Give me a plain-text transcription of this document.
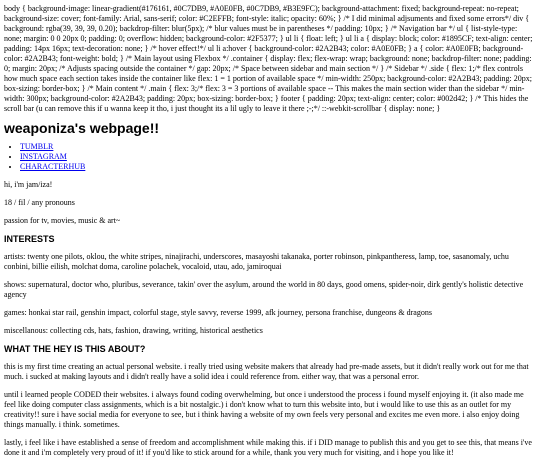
body { background-image: linear-gradient(#176161, #0C7DB9, #A0E0FB, #0C7DB9, #B3E9FC); background-attachment: fixed; background-repeat: no-repeat; background-size: cover; font-family: Arial, sans-serif; color: #C2EFFB; font-style: italic; opacity: 60%; } /* I did minimal adjsuments and fixed some errors*/ div { background: rgba(39, 39, 39, 0.20); backdrop-filter: blur(5px); /* blur values must be in parentheses */ padding: 10px; } /* Navigation bar */ ul { list-style-type: none; margin: 0 0 20px 0; padding: 0; overflow: hidden; background-color: #2F5377; } ul li { float: left; } ul li a { display: block; color: #1895CF; text-align: center; padding: 14px 16px; text-decoration: none; } /* hover effect!*/ ul li a:hover { background-color: #2A2B43; color: #A0E0FB; } a { color: #A0E0FB; background-color: #2A2B43; font-weight: bold; } /* Main layout using Flexbox */ .container { display: flex; flex-wrap: wrap; background: none; backdrop-filter: none; padding: 0; margin: 20px; /* Adjusts spacing outside the container */ gap: 20px; /* Space between sidebar and main section */ } /* Sidebar */ .side { flex: 1;/* flex controls how much space each section takes inside the container like flex: 1 = 1 portion of available space */ min-width: 250px; background-color: #2A2B43; padding: 20px; box-sizing: border-box; } /* Main content */ .main { flex: 3;/* flex: 3 = 3 portions of available space -- This makes the main section wider than the sidebar */ min-width: 300px; background-color: #2A2B43; padding: 20px; box-sizing: border-box; } footer { padding: 20px; text-align: center; color: #002d42; } /* This hides the scroll bar (u can remove this if u wanna keep it tho, i just thought its a lil ugly to leave it there ;-;*/ ::-webkit-scrollbar { display: none; }
weaponiza's webpage!!
• TUMBLR
• INSTAGRAM
• CHARACTERHUB

hi, i'm jam/iza!

18 / fil / any pronouns

passion for tv, movies, music & art~

INTERESTS

artists: twenty one pilots, oklou, the white stripes, ninajirachi, underscores, masayoshi takanaka, porter robinson, pinkpantheress, lamp, toe, sasanomaly, uchu conbini, billie eilish, molchat doma, caroline polachek, vocaloid, utau, ado, jamiroquai

shows: supernatural, doctor who, pluribus, severance, takin' over the asylum, around the world in 80 days, good omens, spider-noir, dirk gently's holistic detective agency

games: honkai star rail, genshin impact, colorful stage, style savvy, reverse 1999, afk journey, persona franchise, dungeons & dragons

miscellanous: collecting cds, hats, fashion, drawing, writing, historical aesthetics

WHAT THE HEY IS THIS ABOUT?

this is my first time creating an actual personal website. i really tried using website makers that already had pre-made assets, but it didn't really work out for me that much. i sucked at making layouts and i didn't really have a solid idea i could reference from. either way, that was a personal error.

until i learned people CODED their websites. i always found coding overwhelming, but once i understood the process i found myself enjoying it. (it also made me feel like doing computer class assignments, which is a bit nostalgic.) i don't know what to turn this website into, but i would like to use this as an outlet for my creativity!! sure i have social media for everyone to see, but i think having a website of my own feels very personal and excites me even more. i also enjoy doing things manually. i think. sometimes.

lastly, i feel like i have established a sense of freedom and accomplishment while making this. if i DID manage to publish this and you get to see this, that means i've done it and i'm completely very proud of it! if you'd like to stick around for a while, thank you very much for visiting, and i hope you like it!
